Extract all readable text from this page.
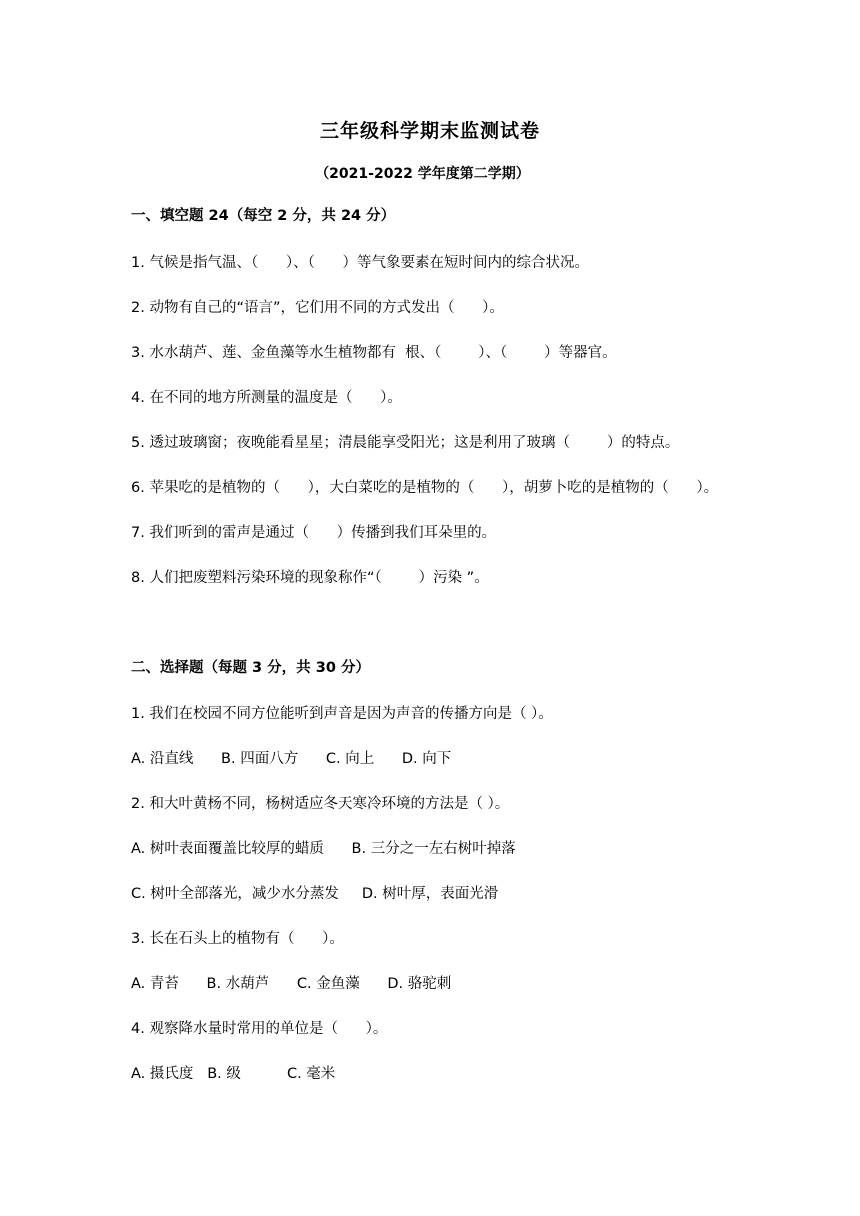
三年级科学期末监测试卷
（2021-2022 学年度第二学期）
一、填空题 24（每空 2 分，共 24 分）
1. 气候是指气温、（      ）、（      ）等气象要素在短时间内的综合状况。
2. 动物有自己的“语言”，它们用不同的方式发出（      ）。
3. 水水葫芦、莲、金鱼藻等水生植物都有  根、（        ）、（        ）等器官。
4. 在不同的地方所测量的温度是（      ）。
5. 透过玻璃窗；夜晚能看星星；清晨能享受阳光；这是利用了玻璃（        ）的特点。
6. 苹果吃的是植物的（      ），大白菜吃的是植物的（      ），胡萝卜吃的是植物的（      ）。
7. 我们听到的雷声是通过（      ）传播到我们耳朵里的。
8. 人们把废塑料污染环境的现象称作“（        ）污染 ”。
二、选择题（每题 3 分，共 30 分）
1. 我们在校园不同方位能听到声音是因为声音的传播方向是（ ）。
A. 沿直线      B. 四面八方      C. 向上      D. 向下
2. 和大叶黄杨不同，杨树适应冬天寒冷环境的方法是（ ）。
A. 树叶表面覆盖比较厚的蜡质      B. 三分之一左右树叶掉落
C. 树叶全部落光，减少水分蒸发     D. 树叶厚，表面光滑
3. 长在石头上的植物有（      ）。
A. 青苔      B. 水葫芦      C. 金鱼藻      D. 骆驼刺
4. 观察降水量时常用的单位是（      ）。
A. 摄氏度   B. 级          C. 毫米
